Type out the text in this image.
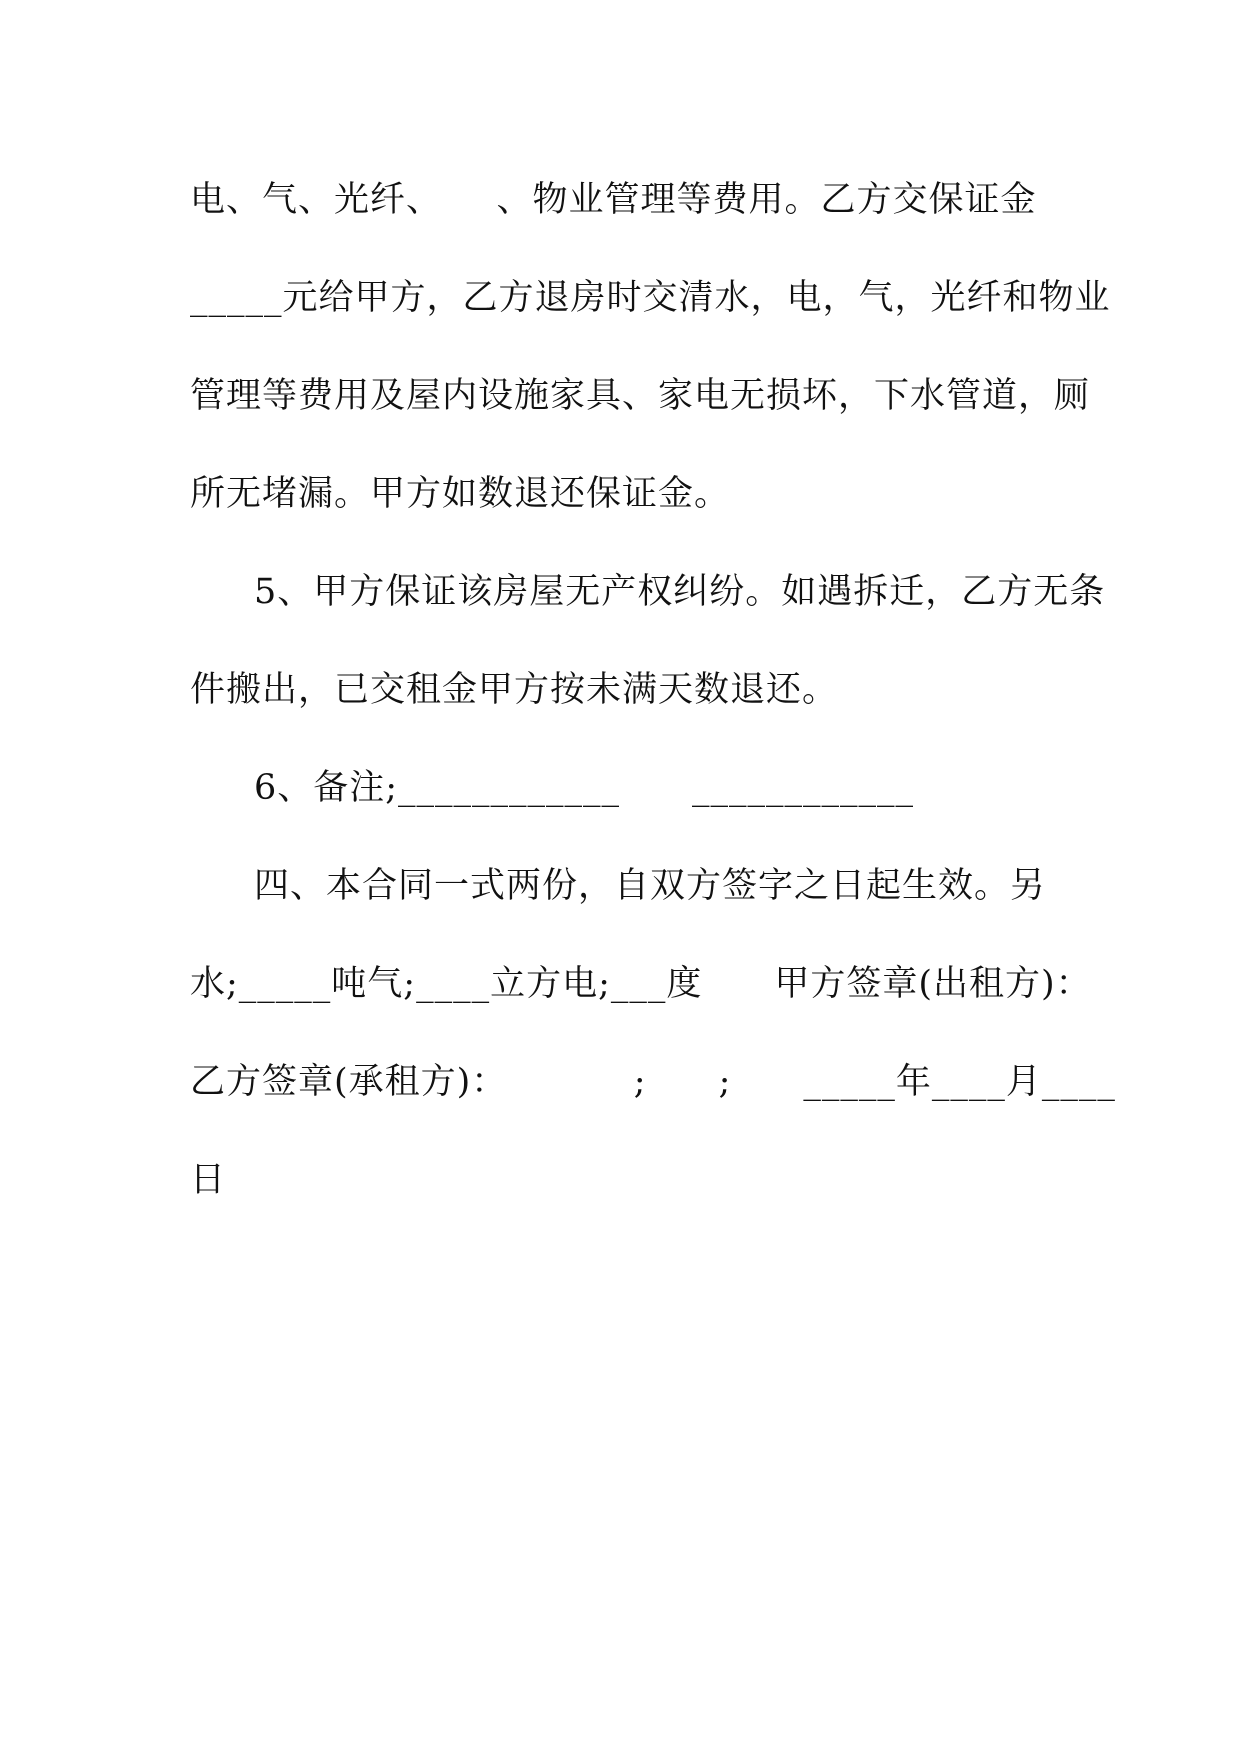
电、气、光纤、　　、物业管理等费用。乙方交保证金
_____元给甲方，乙方退房时交清水，电，气，光纤和物业
管理等费用及屋内设施家具、家电无损坏，下水管道，厕
所无堵漏。甲方如数退还保证金。
5、甲方保证该房屋无产权纠纷。如遇拆迁，乙方无条
件搬出，已交租金甲方按未满天数退还。
6、备注;____________　　____________
四、本合同一式两份，自双方签字之日起生效。另
水;_____吨气;____立方电;___度　　甲方签章(出租方)：
乙方签章(承租方)：　　　　;　　;　　_____年____月____
日
